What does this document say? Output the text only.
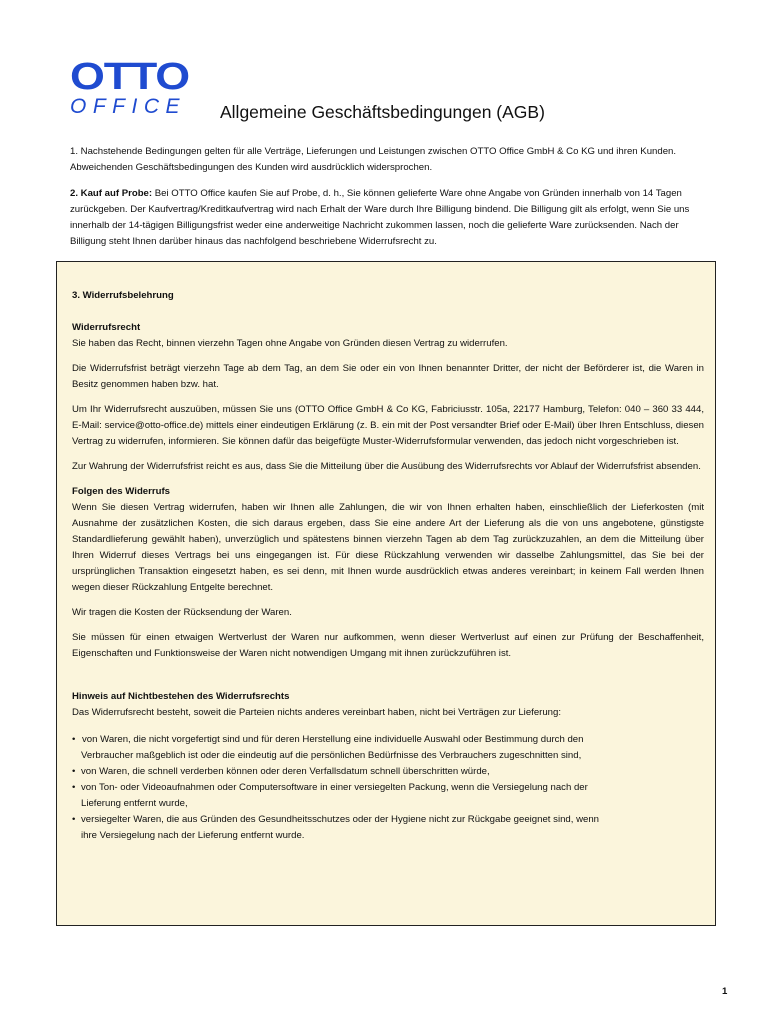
OTTO
OFFICE	Allgemeine Geschäftsbedingungen (AGB)

1. Nachstehende Bedingungen gelten für alle Verträge, Lieferungen und Leistungen zwischen OTTO Office GmbH & Co KG und ihren Kunden.

Abweichenden Geschäftsbedingungen des Kunden wird ausdrücklich widersprochen.

2. Kauf auf Probe: Bei OTTO Office kaufen Sie auf Probe, d. h., Sie können gelieferte Ware ohne Angabe von Gründen innerhalb von 14 Tagen

zurückgeben. Der Kaufvertrag/Kreditkaufvertrag wird nach Erhalt der Ware durch Ihre Billigung bindend. Die Billigung gilt als erfolgt, wenn Sie uns

innerhalb der 14-tägigen Billigungsfrist weder eine anderweitige Nachricht zukommen lassen, noch die gelieferte Ware zurücksenden. Nach der

Billigung steht Ihnen darüber hinaus das nachfolgend beschriebene Widerrufsrecht zu.

3. Widerrufsbelehrung

Widerrufsrecht

Sie haben das Recht, binnen vierzehn Tagen ohne Angabe von Gründen diesen Vertrag zu widerrufen.

Die Widerrufsfrist beträgt vierzehn Tage ab dem Tag, an dem Sie oder ein von Ihnen benannter Dritter, der nicht der Beförderer ist, die Waren in Besitz genommen haben bzw. hat.

Um Ihr Widerrufsrecht auszuüben, müssen Sie uns (OTTO Office GmbH & Co KG, Fabriciusstr. 105a, 22177 Hamburg, Telefon: 040 – 360 33 444, E-Mail: service@otto-office.de) mittels einer eindeutigen Erklärung (z. B. ein mit der Post versandter Brief oder E-Mail) über Ihren Entschluss, diesen Vertrag zu widerrufen, informieren. Sie können dafür das beigefügte Muster-Widerrufsformular verwenden, das jedoch nicht vorgeschrieben ist.

Zur Wahrung der Widerrufsfrist reicht es aus, dass Sie die Mitteilung über die Ausübung des Widerrufsrechts vor Ablauf der Widerrufsfrist absenden.

Folgen des Widerrufs

Wenn Sie diesen Vertrag widerrufen, haben wir Ihnen alle Zahlungen, die wir von Ihnen erhalten haben, einschließlich der Lieferkosten (mit Ausnahme der zusätzlichen Kosten, die sich daraus ergeben, dass Sie eine andere Art der Lieferung als die von uns angebotene, günstigste Standardlieferung gewählt haben), unverzüglich und spätestens binnen vierzehn Tagen ab dem Tag zurückzuzahlen, an dem die Mitteilung über Ihren Widerruf dieses Vertrags bei uns eingegangen ist. Für diese Rückzahlung verwenden wir dasselbe Zahlungsmittel, das Sie bei der ursprünglichen Transaktion eingesetzt haben, es sei denn, mit Ihnen wurde ausdrücklich etwas anderes vereinbart; in keinem Fall werden Ihnen wegen dieser Rückzahlung Entgelte berechnet.

Wir tragen die Kosten der Rücksendung der Waren.

Sie müssen für einen etwaigen Wertverlust der Waren nur aufkommen, wenn dieser Wertverlust auf einen zur Prüfung der Beschaffenheit, Eigenschaften und Funktionsweise der Waren nicht notwendigen Umgang mit ihnen zurückzuführen ist.

Hinweis auf Nichtbestehen des Widerrufsrechts

Das Widerrufsrecht besteht, soweit die Parteien nichts anderes vereinbart haben, nicht bei Verträgen zur Lieferung:

• von Waren, die nicht vorgefertigt sind und für deren Herstellung eine individuelle Auswahl oder Bestimmung durch den
Verbraucher maßgeblich ist oder die eindeutig auf die persönlichen Bedürfnisse des Verbrauchers zugeschnitten sind,
• von Waren, die schnell verderben können oder deren Verfallsdatum schnell überschritten würde,
• von Ton- oder Videoaufnahmen oder Computersoftware in einer versiegelten Packung, wenn die Versiegelung nach der
Lieferung entfernt wurde,
• versiegelter Waren, die aus Gründen des Gesundheitsschutzes oder der Hygiene nicht zur Rückgabe geeignet sind, wenn
ihre Versiegelung nach der Lieferung entfernt wurde.
1
